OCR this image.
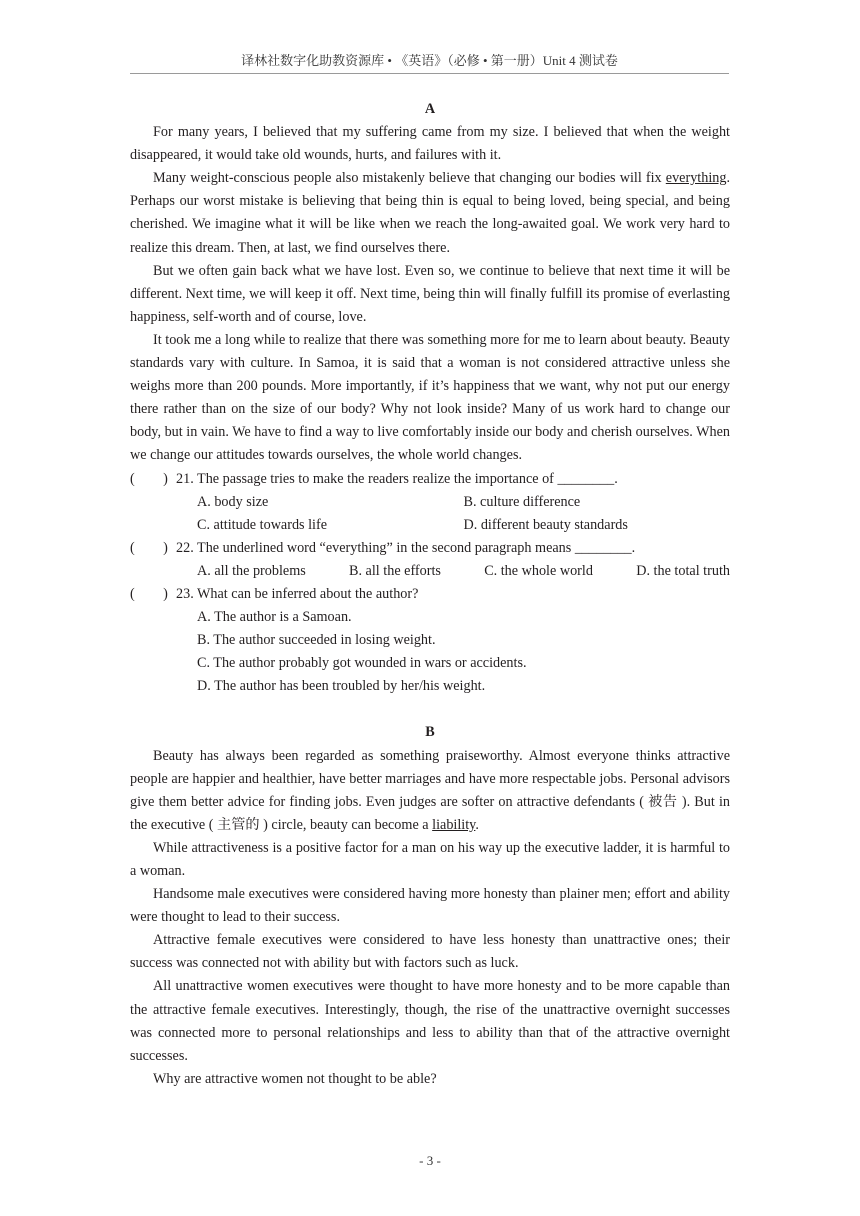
译林社数字化助教资源库 • 《英语》（必修 • 第一册）Unit 4 测试卷
A

For many years, I believed that my suffering came from my size. I believed that when the weight disappeared, it would take old wounds, hurts, and failures with it.

Many weight-conscious people also mistakenly believe that changing our bodies will fix everything. Perhaps our worst mistake is believing that being thin is equal to being loved, being special, and being cherished. We imagine what it will be like when we reach the long-awaited goal. We work very hard to realize this dream. Then, at last, we find ourselves there.

But we often gain back what we have lost. Even so, we continue to believe that next time it will be different. Next time, we will keep it off. Next time, being thin will finally fulfill its promise of everlasting happiness, self-worth and of course, love.

It took me a long while to realize that there was something more for me to learn about beauty. Beauty standards vary with culture. In Samoa, it is said that a woman is not considered attractive unless she weighs more than 200 pounds. More importantly, if it’s happiness that we want, why not put our energy there rather than on the size of our body? Why not look inside? Many of us work hard to change our body, but in vain. We have to find a way to live comfortably inside our body and cherish ourselves. When we change our attitudes towards ourselves, the whole world changes.

(　　) 21. The passage tries to make the readers realize the importance of ________.
A. body size	B. culture difference
C. attitude towards life	D. different beauty standards
(　　) 22. The underlined word “everything” in the second paragraph means ________.
A. all the problems	B. all the efforts	C. the whole world	D. the total truth
(　　) 23. What can be inferred about the author?
A. The author is a Samoan.
B. The author succeeded in losing weight.
C. The author probably got wounded in wars or accidents.
D. The author has been troubled by her/his weight.
B

Beauty has always been regarded as something praiseworthy. Almost everyone thinks attractive people are happier and healthier, have better marriages and have more respectable jobs. Personal advisors give them better advice for finding jobs. Even judges are softer on attractive defendants ( 被告 ). But in the executive ( 主管的 ) circle, beauty can become a liability.

While attractiveness is a positive factor for a man on his way up the executive ladder, it is harmful to a woman.

Handsome male executives were considered having more honesty than plainer men; effort and ability were thought to lead to their success.

Attractive female executives were considered to have less honesty than unattractive ones; their success was connected not with ability but with factors such as luck.

All unattractive women executives were thought to have more honesty and to be more capable than the attractive female executives. Interestingly, though, the rise of the unattractive overnight successes was connected more to personal relationships and less to ability than that of the attractive overnight successes.

Why are attractive women not thought to be able?

- 3 -
